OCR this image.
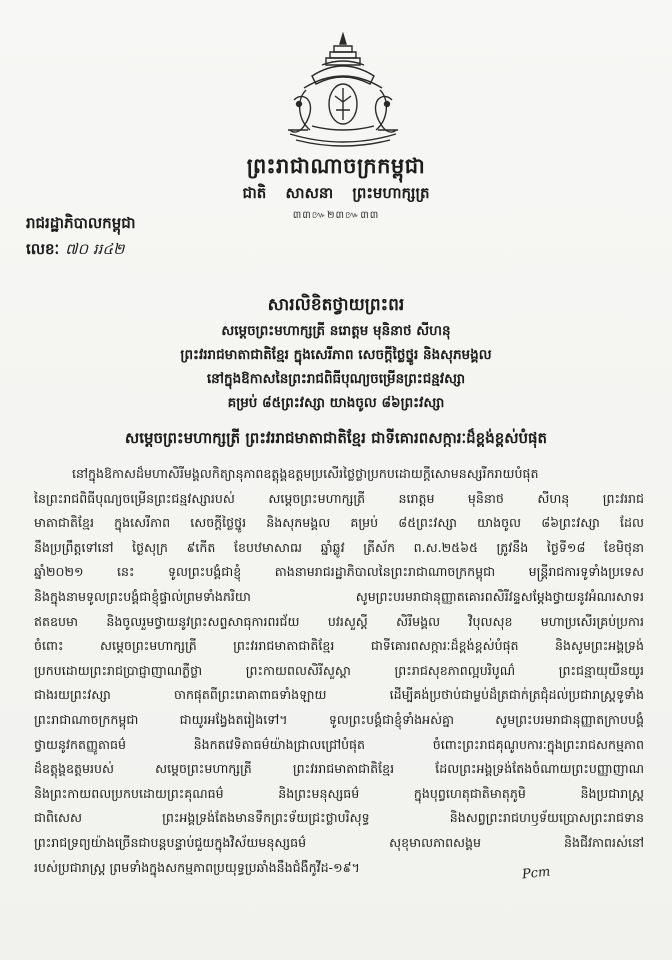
ព្រះរាជាណាចក្រកម្ពុជា
ជាតិ សាសនា ព្រះមហាក្សត្រ
៣៣៚២៣៚៣៣
រាជរដ្ឋាភិបាលកម្ពុជា
លេខៈ ៧០ ររ៤២
សារលិខិតថ្វាយព្រះពរ
សម្ដេចព្រះមហាក្សត្រី នរោត្តម មុនិនាថ សីហនុ
ព្រះវររាជមាតាជាតិខ្មែរ ក្នុងសេរីភាព សេចក្ដីថ្លៃថ្នូរ និងសុភមង្គល
នៅក្នុងឱកាសនៃព្រះរាជពិធីបុណ្យចម្រើនព្រះជន្មវស្សា
គម្រប់ ៨៥ព្រះវស្សា យាងចូល ៨៦ព្រះវស្សា
សម្ដេចព្រះមហាក្សត្រី ព្រះវររាជមាតាជាតិខ្មែរ ជាទីគោរពសក្ការៈដ៏ខ្ពង់ខ្ពស់បំផុត

នៅក្នុងឱកាសដ៏មហាសិរីមង្គលកិត្យានុភាពឧត្តុង្គឧត្តមប្រសើរថ្លៃថ្លាប្រកបដោយក្ដីសោមនស្សរីករាយបំផុត
នៃព្រះរាជពិធីបុណ្យចម្រើនព្រះជន្មវស្សារបស់ សម្ដេចព្រះមហាក្សត្រី នរោត្តម មុនិនាថ សីហនុ ព្រះវររាជ
មាតាជាតិខ្មែរ ក្នុងសេរីភាព សេចក្ដីថ្លៃថ្នូរ និងសុភមង្គល គម្រប់ ៨៥ព្រះវស្សា យាងចូល ៨៦ព្រះវស្សា ដែល
នឹងប្រព្រឹត្តទៅនៅ ថ្ងៃសុក្រ ៩កើត ខែបឋមាសាឍ ឆ្នាំឆ្លូវ ត្រីស័ក ព.ស.២៥៦៥ ត្រូវនឹង ថ្ងៃទី១៨ ខែមិថុនា
ឆ្នាំ២០២១ នេះ ទូលព្រះបង្គំជាខ្ញុំ តាងនាមរាជរដ្ឋាភិបាលនៃព្រះរាជាណាចក្រកម្ពុជា មន្ត្រីរាជការទូទាំងប្រទេស
និងក្នុងនាមទូលព្រះបង្គំជាខ្ញុំផ្ទាល់ព្រមទាំងភរិយា សូមព្រះបរមរាជានុញ្ញាតគោរពសិរីវន្ទសម្ដែងថ្វាយនូវអំណរសាទរ
ឥតឧបមា និងចូលរួមថ្វាយនូវព្រះសព្ទសាធុការពរជ័យ បវរសួស្ដី សិរីមង្គល វិបុលសុខ មហាប្រសើរគ្រប់ប្រការ
ចំពោះ សម្ដេចព្រះមហាក្សត្រី ព្រះវររាជមាតាជាតិខ្មែរ ជាទីគោរពសក្ការៈដ៏ខ្ពង់ខ្ពស់បំផុត និងសូមព្រះអង្គទ្រង់
ប្រកបដោយព្រះរាជប្រាជ្ញាញាណភ្លឺថ្លា ព្រះកាយពលសិរីសួស្ដា ព្រះរាជសុខភាពល្អបរិបូណ៌ ព្រះជន្មាយុយឺនយូរ
ជាងរយព្រះវស្សា ចាកផុតពីព្រះរោគាពាធទាំងឡាយ ដើម្បីគង់ប្រថាប់ជាម្លប់ដ៏ត្រជាក់ត្រជុំដល់ប្រជារាស្ត្រទូទាំង
ព្រះរាជាណាចក្រកម្ពុជា ជាយូរអង្វែងតរៀងទៅ។ ទូលព្រះបង្គំជាខ្ញុំទាំងអស់គ្នា សូមព្រះបរមរាជានុញ្ញាតក្រាបបង្គំ
ថ្វាយនូវកតញ្ញូតាធម៌ និងកតវេទិតាធម៌យ៉ាងជ្រាលជ្រៅបំផុត ចំពោះព្រះរាជគុណូបការៈក្នុងព្រះរាជសកម្មភាព
ដ៏ឧត្តុង្គឧត្តមរបស់ សម្ដេចព្រះមហាក្សត្រី ព្រះវររាជមាតាជាតិខ្មែរ ដែលព្រះអង្គទ្រង់តែងចំណាយព្រះបញ្ញាញាណ
និងព្រះកាយពលប្រកបដោយព្រះគុណធម៌ និងព្រះមនុស្សធម៌ ក្នុងបុព្វហេតុជាតិមាតុភូមិ និងប្រជារាស្ត្រ
ជាពិសេស ព្រះអង្គទ្រង់តែងមានទឹកព្រះទ័យជ្រះថ្លាបរិសុទ្ធ និងសព្វព្រះរាជហឫទ័យប្រោសព្រះរាជទាន
ព្រះរាជទ្រព្យយ៉ាងច្រើនជាបន្តបន្ទាប់ជួយក្នុងវិស័យមនុស្សធម៌ សុខុមាលភាពសង្គម និងជីវភាពរស់នៅ
របស់ប្រជារាស្ត្រ ព្រមទាំងក្នុងសកម្មភាពប្រយុទ្ធប្រឆាំងនឹងជំងឺកូវីដ-១៩។	Pcm
